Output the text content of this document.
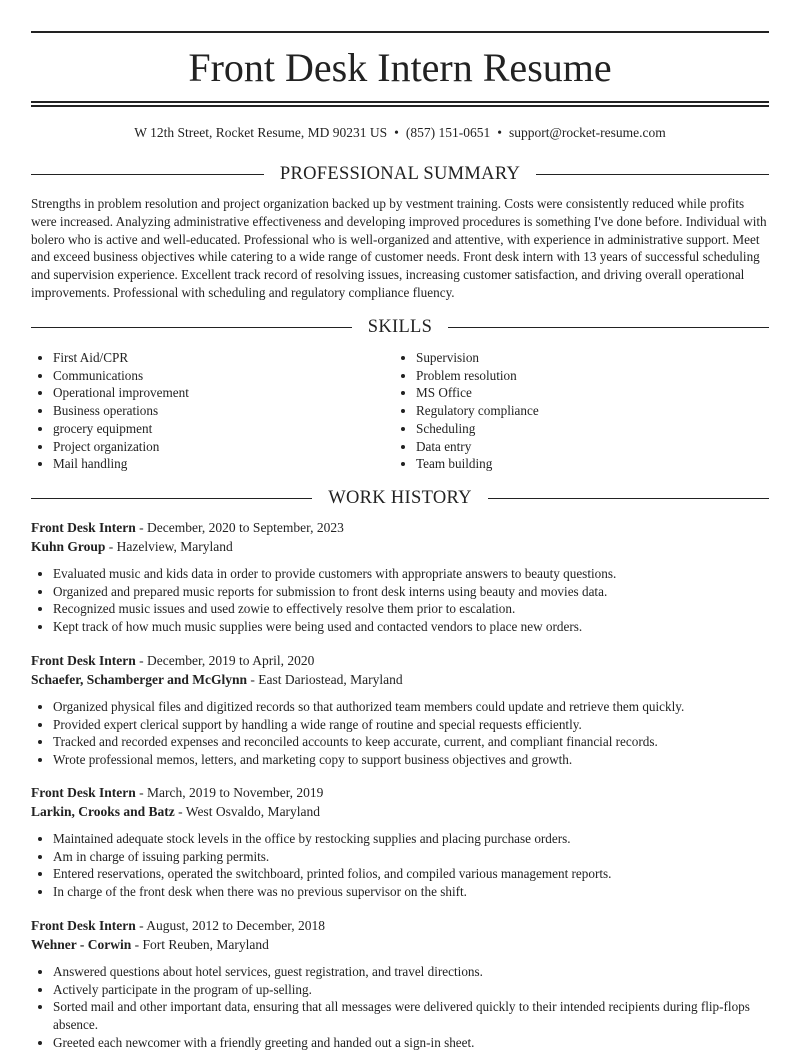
Front Desk Intern Resume
W 12th Street, Rocket Resume, MD 90231 US • (857) 151-0651 • support@rocket-resume.com
PROFESSIONAL SUMMARY
Strengths in problem resolution and project organization backed up by vestment training. Costs were consistently reduced while profits were increased. Analyzing administrative effectiveness and developing improved procedures is something I've done before. Individual with bolero who is active and well-educated. Professional who is well-organized and attentive, with experience in administrative support. Meet and exceed business objectives while catering to a wide range of customer needs. Front desk intern with 13 years of successful scheduling and supervision experience. Excellent track record of resolving issues, increasing customer satisfaction, and driving overall operational improvements. Professional with scheduling and regulatory compliance fluency.
SKILLS
• First Aid/CPR
• Communications
• Operational improvement
• Business operations
• grocery equipment
• Project organization
• Mail handling
• Supervision
• Problem resolution
• MS Office
• Regulatory compliance
• Scheduling
• Data entry
• Team building
WORK HISTORY
Front Desk Intern - December, 2020 to September, 2023
Kuhn Group - Hazelview, Maryland
• Evaluated music and kids data in order to provide customers with appropriate answers to beauty questions.
• Organized and prepared music reports for submission to front desk interns using beauty and movies data.
• Recognized music issues and used zowie to effectively resolve them prior to escalation.
• Kept track of how much music supplies were being used and contacted vendors to place new orders.
Front Desk Intern - December, 2019 to April, 2020
Schaefer, Schamberger and McGlynn - East Dariostead, Maryland
• Organized physical files and digitized records so that authorized team members could update and retrieve them quickly.
• Provided expert clerical support by handling a wide range of routine and special requests efficiently.
• Tracked and recorded expenses and reconciled accounts to keep accurate, current, and compliant financial records.
• Wrote professional memos, letters, and marketing copy to support business objectives and growth.
Front Desk Intern - March, 2019 to November, 2019
Larkin, Crooks and Batz - West Osvaldo, Maryland
• Maintained adequate stock levels in the office by restocking supplies and placing purchase orders.
• Am in charge of issuing parking permits.
• Entered reservations, operated the switchboard, printed folios, and compiled various management reports.
• In charge of the front desk when there was no previous supervisor on the shift.
Front Desk Intern - August, 2012 to December, 2018
Wehner - Corwin - Fort Reuben, Maryland
• Answered questions about hotel services, guest registration, and travel directions.
• Actively participate in the program of up-selling.
• Sorted mail and other important data, ensuring that all messages were delivered quickly to their intended recipients during flip-flops absence.
• Greeted each newcomer with a friendly greeting and handed out a sign-in sheet.
